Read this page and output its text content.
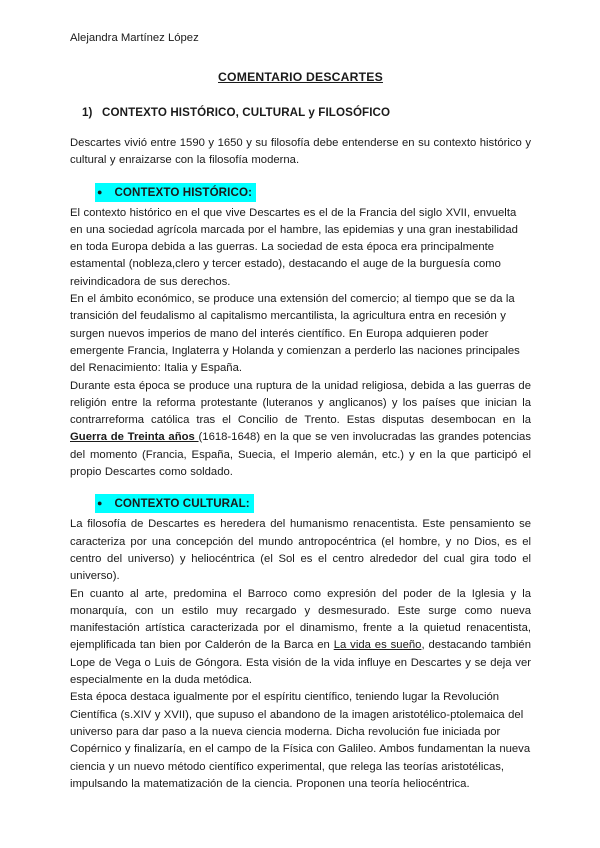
Alejandra Martínez López
COMENTARIO DESCARTES
1) CONTEXTO HISTÓRICO, CULTURAL y FILOSÓFICO

Descartes vivió entre 1590 y 1650 y su filosofía debe entenderse en su contexto histórico y cultural y enraizarse con la filosofía moderna.

● CONTEXTO HISTÓRICO:

El contexto histórico en el que vive Descartes es el de la Francia del siglo XVII, envuelta en una sociedad agrícola marcada por el hambre, las epidemias y una gran inestabilidad en toda Europa debida a las guerras. La sociedad de esta época era principalmente estamental (nobleza,clero y tercer estado), destacando el auge de la burguesía como reivindicadora de sus derechos.

En el ámbito económico, se produce una extensión del comercio; al tiempo que se da la transición del feudalismo al capitalismo mercantilista, la agricultura entra en recesión y surgen nuevos imperios de mano del interés científico. En Europa adquieren poder emergente Francia, Inglaterra y Holanda y comienzan a perderlo las naciones principales del Renacimiento: Italia y España.

Durante esta época se produce una ruptura de la unidad religiosa, debida a las guerras de religión entre la reforma protestante (luteranos y anglicanos) y los países que inician la contrarreforma católica tras el Concilio de Trento. Estas disputas desembocan en la Guerra de Treinta años (1618-1648) en la que se ven involucradas las grandes potencias del momento (Francia, España, Suecia, el Imperio alemán, etc.) y en la que participó el propio Descartes como soldado.

● CONTEXTO CULTURAL:

La filosofía de Descartes es heredera del humanismo renacentista. Este pensamiento se caracteriza por una concepción del mundo antropocéntrica (el hombre, y no Dios, es el centro del universo) y heliocéntrica (el Sol es el centro alrededor del cual gira todo el universo).

En cuanto al arte, predomina el Barroco como expresión del poder de la Iglesia y la monarquía, con un estilo muy recargado y desmesurado. Este surge como nueva manifestación artística caracterizada por el dinamismo, frente a la quietud renacentista, ejemplificada tan bien por Calderón de la Barca en La vida es sueño, destacando también Lope de Vega o Luis de Góngora. Esta visión de la vida influye en Descartes y se deja ver especialmente en la duda metódica.

Esta época destaca igualmente por el espíritu científico, teniendo lugar la Revolución Científica (s.XIV y XVII), que supuso el abandono de la imagen aristotélico-ptolemaica del universo para dar paso a la nueva ciencia moderna. Dicha revolución fue iniciada por Copérnico y finalizaría, en el campo de la Física con Galileo. Ambos fundamentan la nueva ciencia y un nuevo método científico experimental, que relega las teorías aristotélicas, impulsando la matematización de la ciencia. Proponen una teoría heliocéntrica.
